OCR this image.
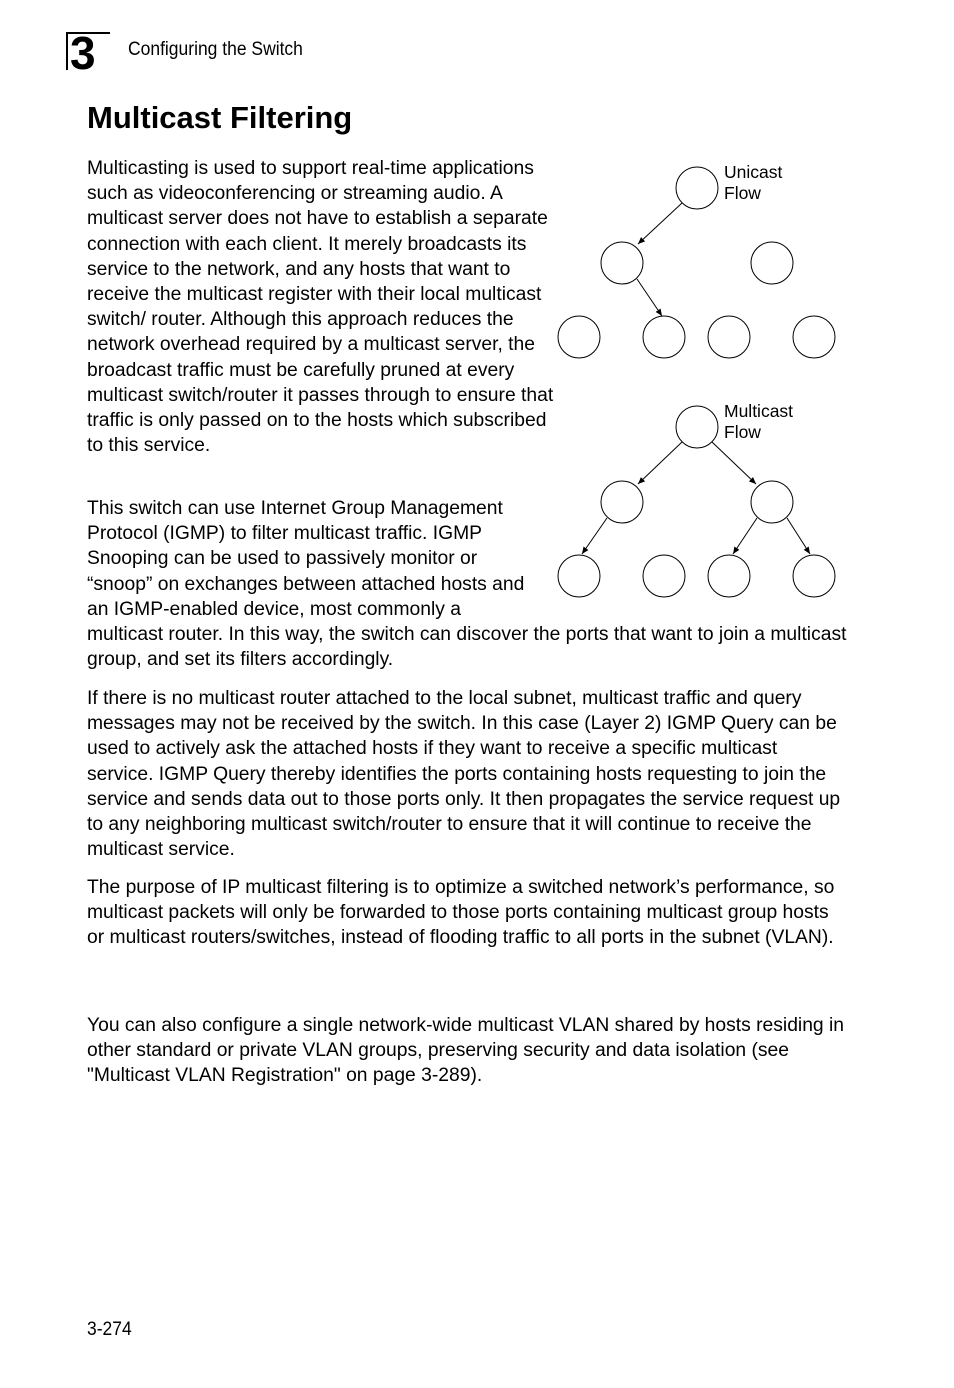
3 Configuring the Switch
Multicast Filtering

Multicasting is used to support real-time applications such as videoconferencing or streaming audio. A multicast server does not have to establish a separate connection with each client. It merely broadcasts its service to the network, and any hosts that want to receive the multicast register with their local multicast switch/ router. Although this approach reduces the network overhead required by a multicast server, the broadcast traffic must be carefully pruned at every multicast switch/router it passes through to ensure that traffic is only passed on to the hosts which subscribed to this service.

This switch can use Internet Group Management Protocol (IGMP) to filter multicast traffic. IGMP Snooping can be used to passively monitor or “snoop” on exchanges between attached hosts and an IGMP-enabled device, most commonly a multicast router. In this way, the switch can discover the ports that want to join a multicast group, and set its filters accordingly.

If there is no multicast router attached to the local subnet, multicast traffic and query messages may not be received by the switch. In this case (Layer 2) IGMP Query can be used to actively ask the attached hosts if they want to receive a specific multicast service. IGMP Query thereby identifies the ports containing hosts requesting to join the service and sends data out to those ports only. It then propagates the service request up to any neighboring multicast switch/router to ensure that it will continue to receive the multicast service.

The purpose of IP multicast filtering is to optimize a switched network’s performance, so multicast packets will only be forwarded to those ports containing multicast group hosts or multicast routers/switches, instead of flooding traffic to all ports in the subnet (VLAN).

You can also configure a single network-wide multicast VLAN shared by hosts residing in other standard or private VLAN groups, preserving security and data isolation (see "Multicast VLAN Registration" on page 3-289).

Unicast
Flow
Multicast
Flow
3-274
